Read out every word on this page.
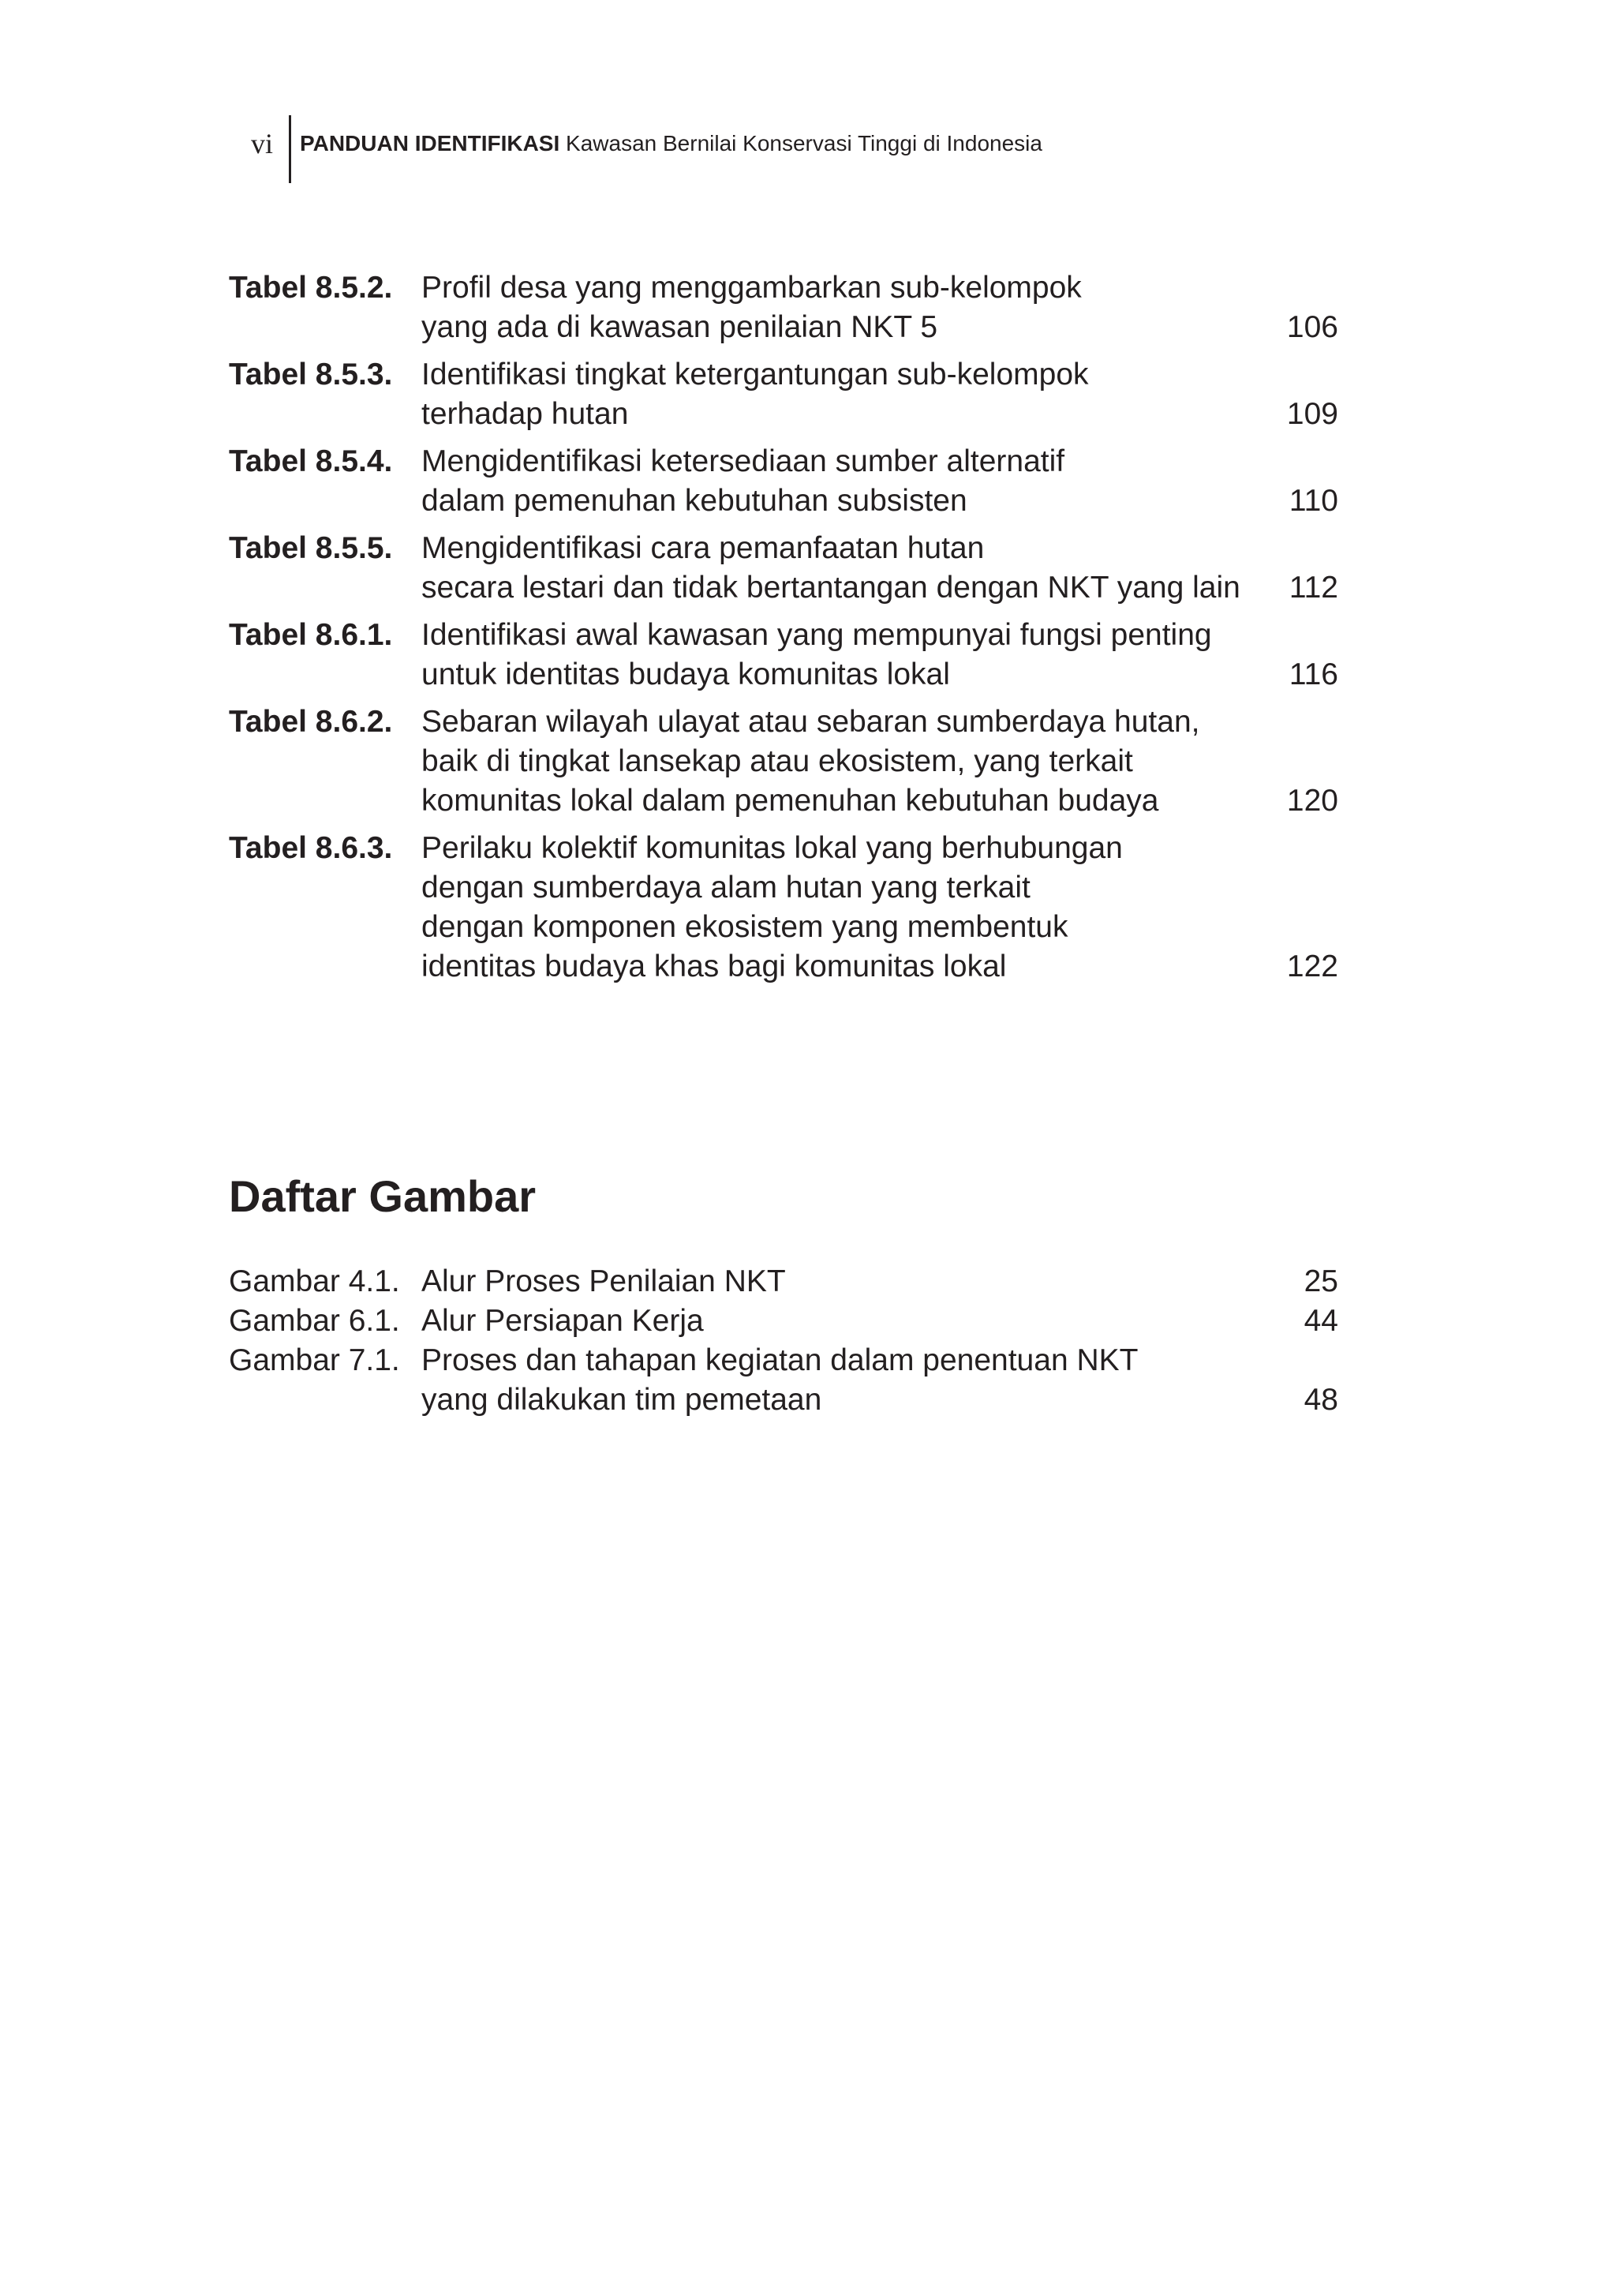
vi PANDUAN IDENTIFIKASI Kawasan Bernilai Konservasi Tinggi di Indonesia
Tabel 8.5.2. Profil desa yang menggambarkan sub-kelompok
yang ada di kawasan penilaian NKT 5	106
Tabel 8.5.3. Identifikasi tingkat ketergantungan sub-kelompok
terhadap hutan	109
Tabel 8.5.4. Mengidentifikasi ketersediaan sumber alternatif
dalam pemenuhan kebutuhan subsisten	110
Tabel 8.5.5. Mengidentifikasi cara pemanfaatan hutan
secara lestari dan tidak bertantangan dengan NKT yang lain 112
Tabel 8.6.1. Identifikasi awal kawasan yang mempunyai fungsi penting
untuk identitas budaya komunitas lokal	116
Tabel 8.6.2. Sebaran wilayah ulayat atau sebaran sumberdaya hutan,
baik di tingkat lansekap atau ekosistem, yang terkait
komunitas lokal dalam pemenuhan kebutuhan budaya	120
Tabel 8.6.3. Perilaku kolektif komunitas lokal yang berhubungan
dengan sumberdaya alam hutan yang terkait
dengan komponen ekosistem yang membentuk
identitas budaya khas bagi komunitas lokal	122
Daftar Gambar
Gambar 4.1. Alur Proses Penilaian NKT	25
Gambar 6.1. Alur Persiapan Kerja	44
Gambar 7.1. Proses dan tahapan kegiatan dalam penentuan NKT
yang dilakukan tim pemetaan	48
